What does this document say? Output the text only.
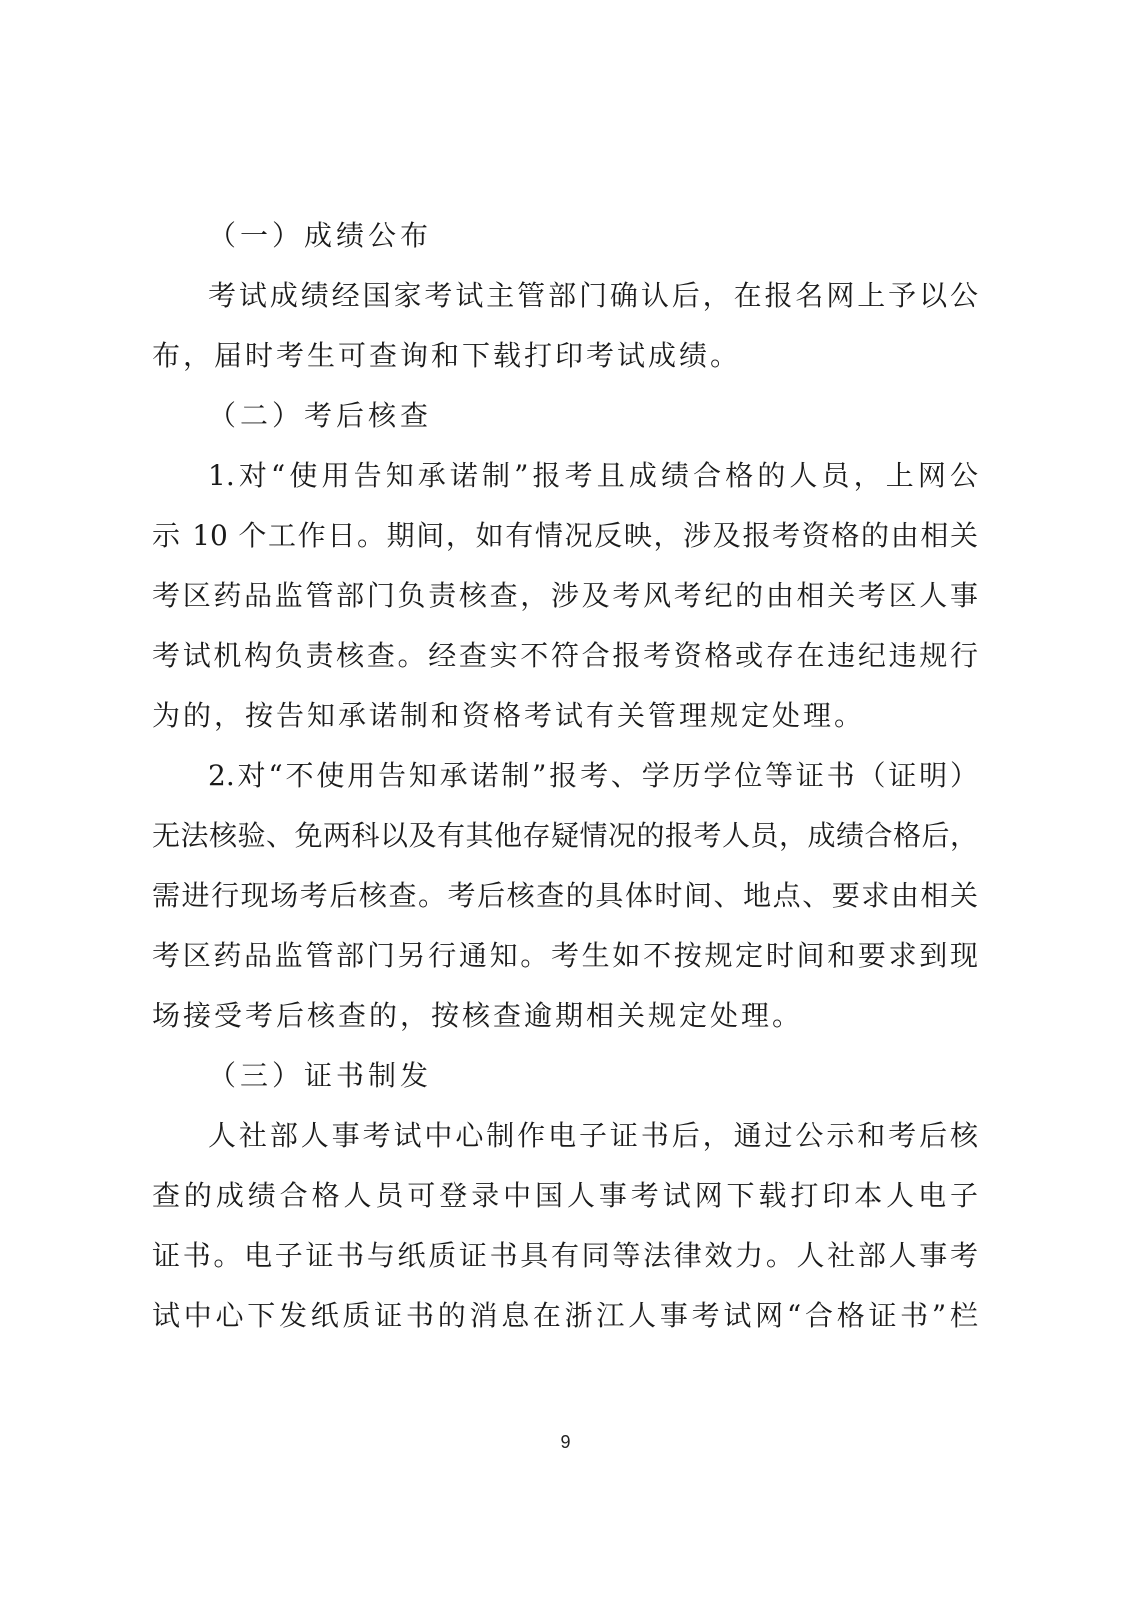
（一）成绩公布
考试成绩经国家考试主管部门确认后，在报名网上予以公
布，届时考生可查询和下载打印考试成绩。
（二）考后核查
1.对“使用告知承诺制”报考且成绩合格的人员，上网公
示 10 个工作日。期间，如有情况反映，涉及报考资格的由相关
考区药品监管部门负责核查，涉及考风考纪的由相关考区人事
考试机构负责核查。经查实不符合报考资格或存在违纪违规行
为的，按告知承诺制和资格考试有关管理规定处理。
2.对“不使用告知承诺制”报考、学历学位等证书（证明）
无法核验、免两科以及有其他存疑情况的报考人员，成绩合格后，
需进行现场考后核查。考后核查的具体时间、地点、要求由相关
考区药品监管部门另行通知。考生如不按规定时间和要求到现
场接受考后核查的，按核查逾期相关规定处理。
（三）证书制发
人社部人事考试中心制作电子证书后，通过公示和考后核
查的成绩合格人员可登录中国人事考试网下载打印本人电子
证书。电子证书与纸质证书具有同等法律效力。人社部人事考
试中心下发纸质证书的消息在浙江人事考试网“合格证书”栏
9
